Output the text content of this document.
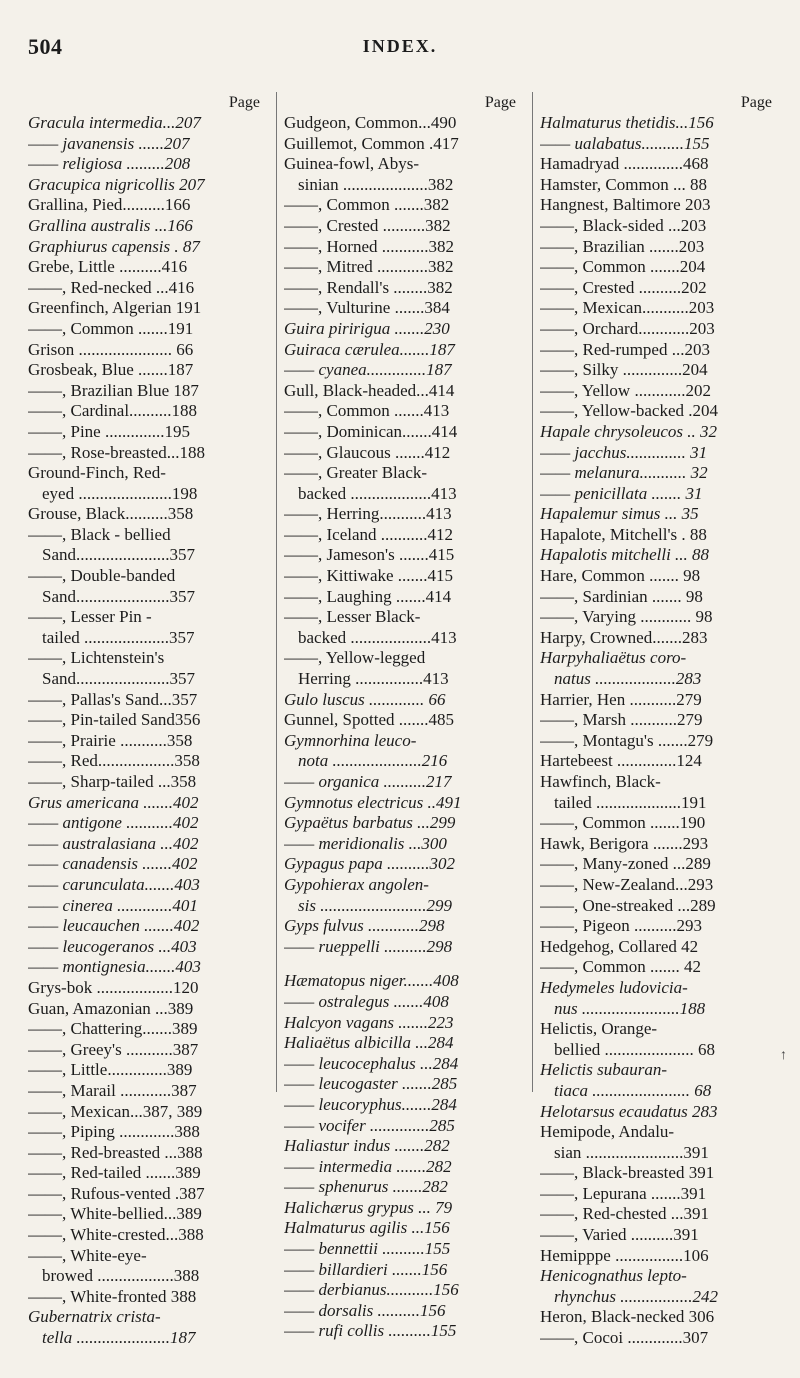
504	INDEX.
Page
Gracula intermedia...207
—— javanensis ......207
—— religiosa .........208
Gracupica nigricollis 207
Grallina, Pied..........166
Grallina australis ...166
Graphiurus capensis . 87
Grebe, Little ..........416
——, Red-necked ...416
Greenfinch, Algerian 191
——, Common .......191
Grison ...................... 66
Grosbeak, Blue .......187
——, Brazilian Blue 187
——, Cardinal..........188
——, Pine ..............195
——, Rose-breasted...188
Ground-Finch, Red-
eyed ......................198
Grouse, Black..........358
——, Black - bellied
Sand......................357
——, Double-banded
Sand......................357
——, Lesser Pin -
tailed ....................357
——, Lichtenstein's
Sand......................357
——, Pallas's Sand...357
——, Pin-tailed Sand356
——, Prairie ...........358
——, Red..................358
——, Sharp-tailed ...358
Grus americana .......402
—— antigone ...........402
—— australasiana ...402
—— canadensis .......402
—— carunculata.......403
—— cinerea .............401
—— leucauchen .......402
—— leucogeranos ...403
—— montignesia.......403
Grys-bok ..................120
Guan, Amazonian ...389
——, Chattering.......389
——, Greey's ...........387
——, Little..............389
——, Marail ............387
——, Mexican...387, 389
——, Piping .............388
——, Red-breasted ...388
——, Red-tailed .......389
——, Rufous-vented .387
——, White-bellied...389
——, White-crested...388
——, White-eye-
browed ..................388
——, White-fronted 388
Gubernatrix crista-
tella ......................187
Page
Gudgeon, Common...490
Guillemot, Common .417
Guinea-fowl, Abys-
sinian ....................382
——, Common .......382
——, Crested ..........382
——, Horned ...........382
——, Mitred ............382
——, Rendall's ........382
——, Vulturine .......384
Guira piririgua .......230
Guiraca cærulea.......187
—— cyanea..............187
Gull, Black-headed...414
——, Common .......413
——, Dominican.......414
——, Glaucous .......412
——, Greater Black-
backed ...................413
——, Herring...........413
——, Iceland ...........412
——, Jameson's .......415
——, Kittiwake .......415
——, Laughing .......414
——, Lesser Black-
backed ...................413
——, Yellow-legged
Herring ................413
Gulo luscus ............. 66
Gunnel, Spotted .......485
Gymnorhina leuco-
nota .....................216
—— organica ..........217
Gymnotus electricus ..491
Gypaëtus barbatus ...299
—— meridionalis ...300
Gypagus papa ..........302
Gypohierax angolen-
sis .........................299
Gyps fulvus ............298
—— rueppelli ..........298
Hæmatopus niger.......408
—— ostralegus .......408
Halcyon vagans .......223
Haliaëtus albicilla ...284
—— leucocephalus ...284
—— leucogaster .......285
—— leucoryphus.......284
—— vocifer ..............285
Haliastur indus .......282
—— intermedia .......282
—— sphenurus .......282
Halichærus grypus ... 79
Halmaturus agilis ...156
—— bennettii ..........155
—— billardieri .......156
—— derbianus...........156
—— dorsalis ..........156
—— rufi collis ..........155
Page
Halmaturus thetidis...156
—— ualabatus..........155
Hamadryad ..............468
Hamster, Common ... 88
Hangnest, Baltimore 203
——, Black-sided ...203
——, Brazilian .......203
——, Common .......204
——, Crested ..........202
——, Mexican...........203
——, Orchard............203
——, Red-rumped ...203
——, Silky ..............204
——, Yellow ............202
——, Yellow-backed .204
Hapale chrysoleucos .. 32
—— jacchus.............. 31
—— melanura........... 32
—— penicillata ....... 31
Hapalemur simus ... 35
Hapalote, Mitchell's . 88
Hapalotis mitchelli ... 88
Hare, Common ....... 98
——, Sardinian ....... 98
——, Varying ............ 98
Harpy, Crowned.......283
Harpyhaliaëtus coro-
natus ...................283
Harrier, Hen ...........279
——, Marsh ...........279
——, Montagu's .......279
Hartebeest ..............124
Hawfinch, Black-
tailed ....................191
——, Common .......190
Hawk, Berigora .......293
——, Many-zoned ...289
——, New-Zealand...293
——, One-streaked ...289
——, Pigeon ..........293
Hedgehog, Collared 42
——, Common ....... 42
Hedymeles ludovicia-
nus .......................188
Helictis, Orange-
bellied ..................... 68
Helictis subauran-
tiaca ....................... 68
Helotarsus ecaudatus 283
Hemipode, Andalu-
sian .......................391
——, Black-breasted 391
——, Lepurana .......391
——, Red-chested ...391
——, Varied ..........391
Hemipppe ................106
Henicognathus lepto-
rhynchus .................242
Heron, Black-necked 306
——, Cocoi .............307
↑
